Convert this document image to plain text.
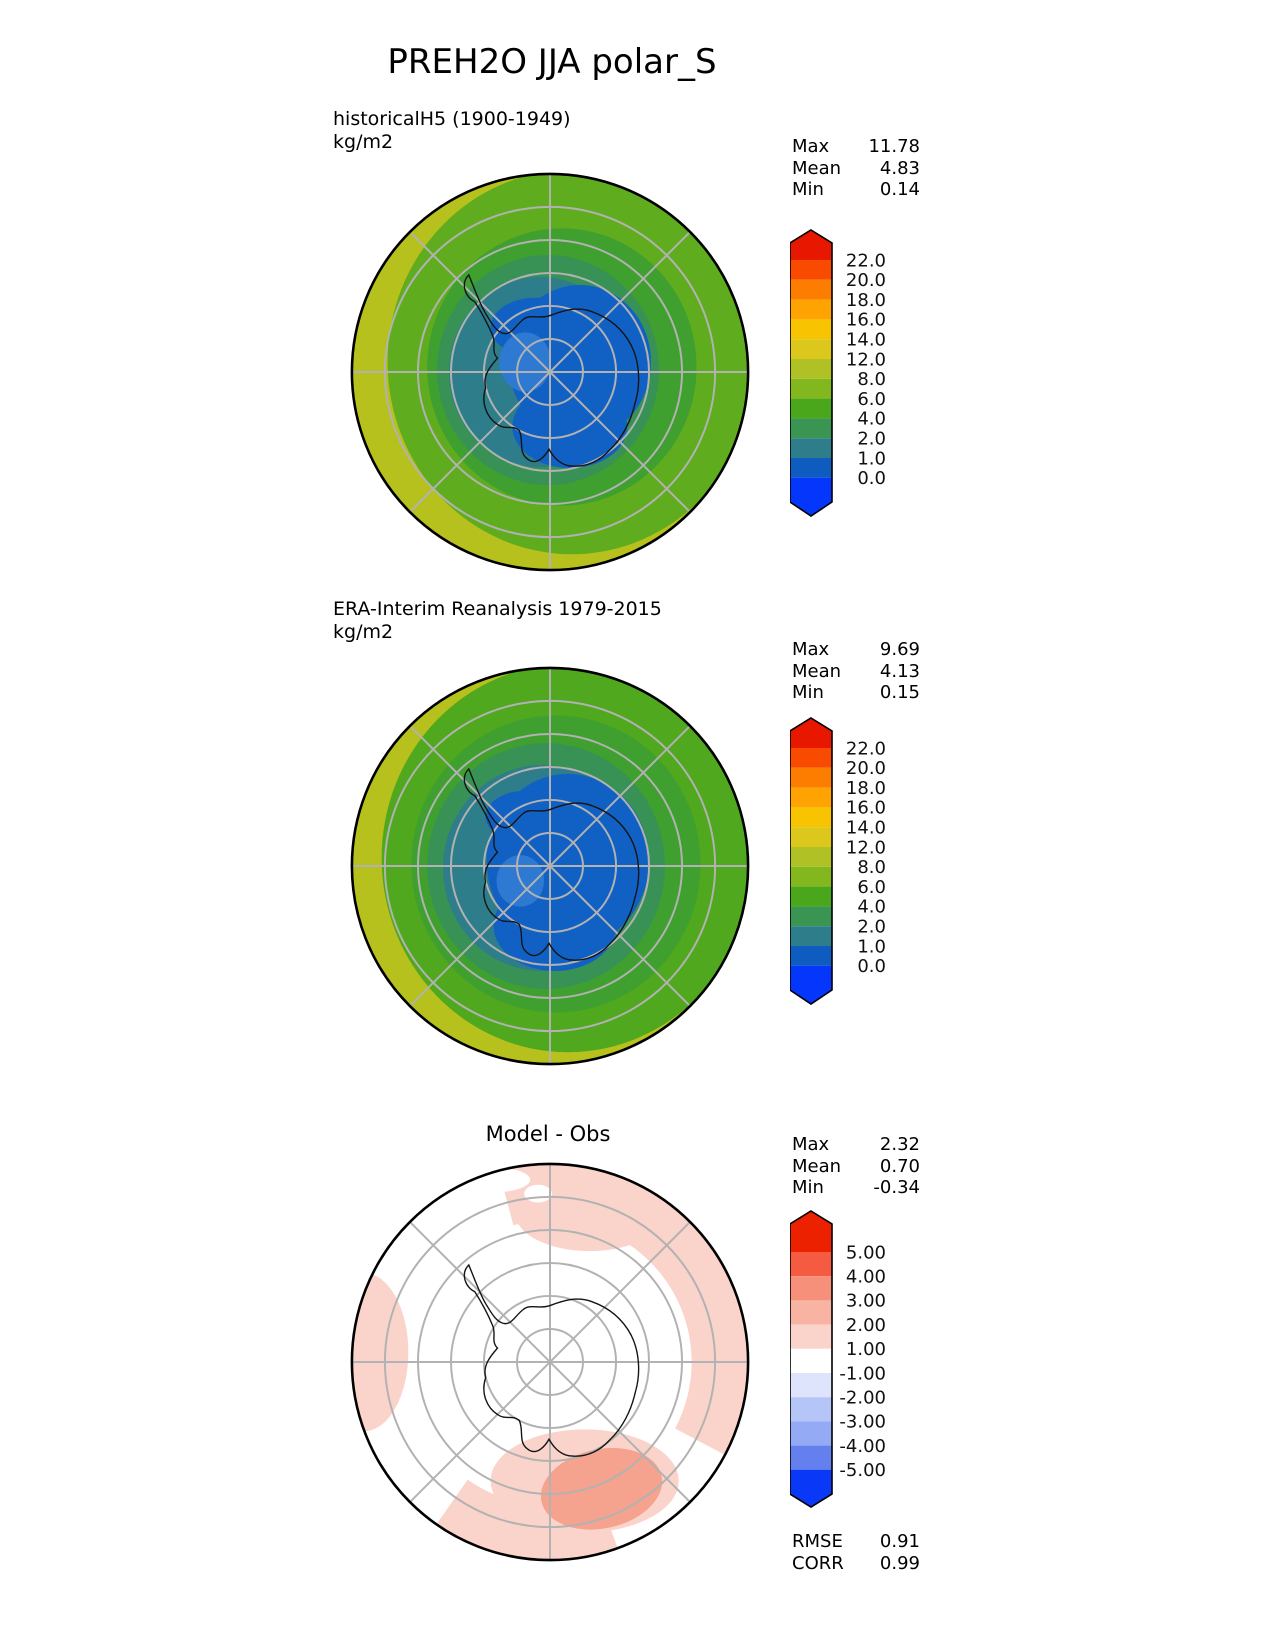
PREH2O JJA polar_S
historicalH5 (1900-1949)
kg/m2	Max 11.78
Mean 4.83
Min	0.14
22.0
20.0
18.0
16.0
14.0
12.0
8.0
6.0
4.0
2.0
1.0
0.0
ERA-Interim Reanalysis 1979-2015
kg/m2
Max	9.69
Mean 4.13
Min	0.15
22.0
20.0
18.0
16.0
14.0
12.0
8.0
6.0
4.0
2.0
1.0
0.0
Model - Obs	Max	2.32
Mean 0.70
Min	-0.34
5.00
4.00
3.00
2.00
1.00
-1.00
-2.00
-3.00
-4.00
-5.00
RMSE 0.91
CORR 0.99
